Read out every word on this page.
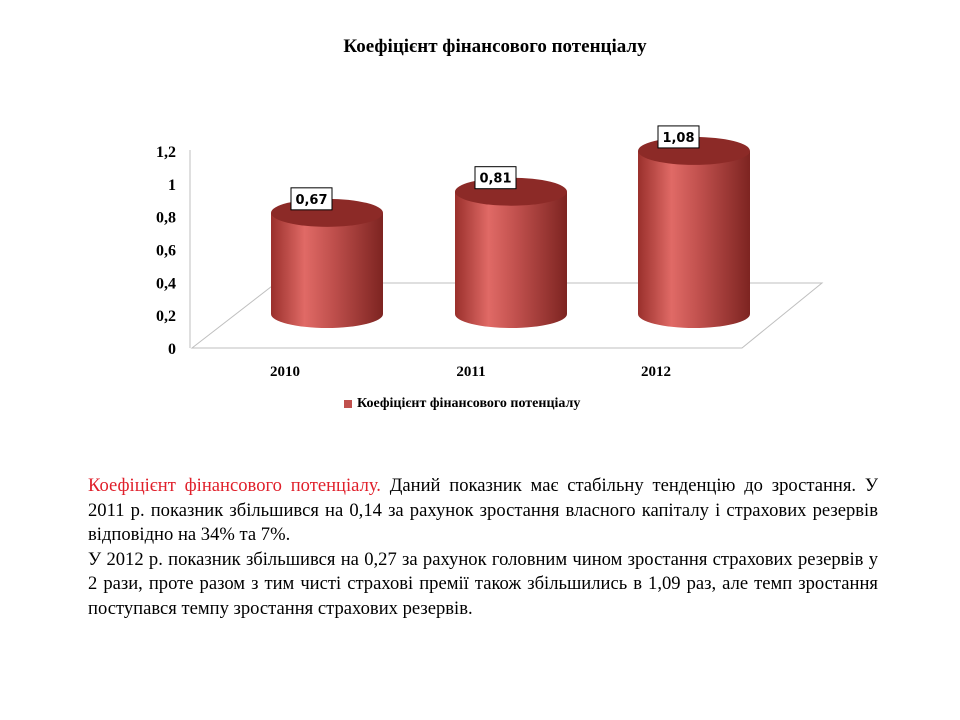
Коефіцієнт фінансового потенціалу
0
0,2
0,4
0,6
0,8
1
1,2
0,67
0,81
1,08
2010	2011	2012
Коефіцієнт фінансового потенціалу

Коефіцієнт фінансового потенціалу. Даний показник має стабільну тенденцію до зростання. У 2011 р. показник збільшився на 0,14 за рахунок зростання власного капіталу і страхових резервів відповідно на 34% та 7%.

У 2012 р. показник збільшився на 0,27 за рахунок головним чином зростання страхових резервів у 2 рази, проте разом з тим чисті страхові премії також збільшились в 1,09 раз, але темп зростання поступався темпу зростання страхових резервів.
